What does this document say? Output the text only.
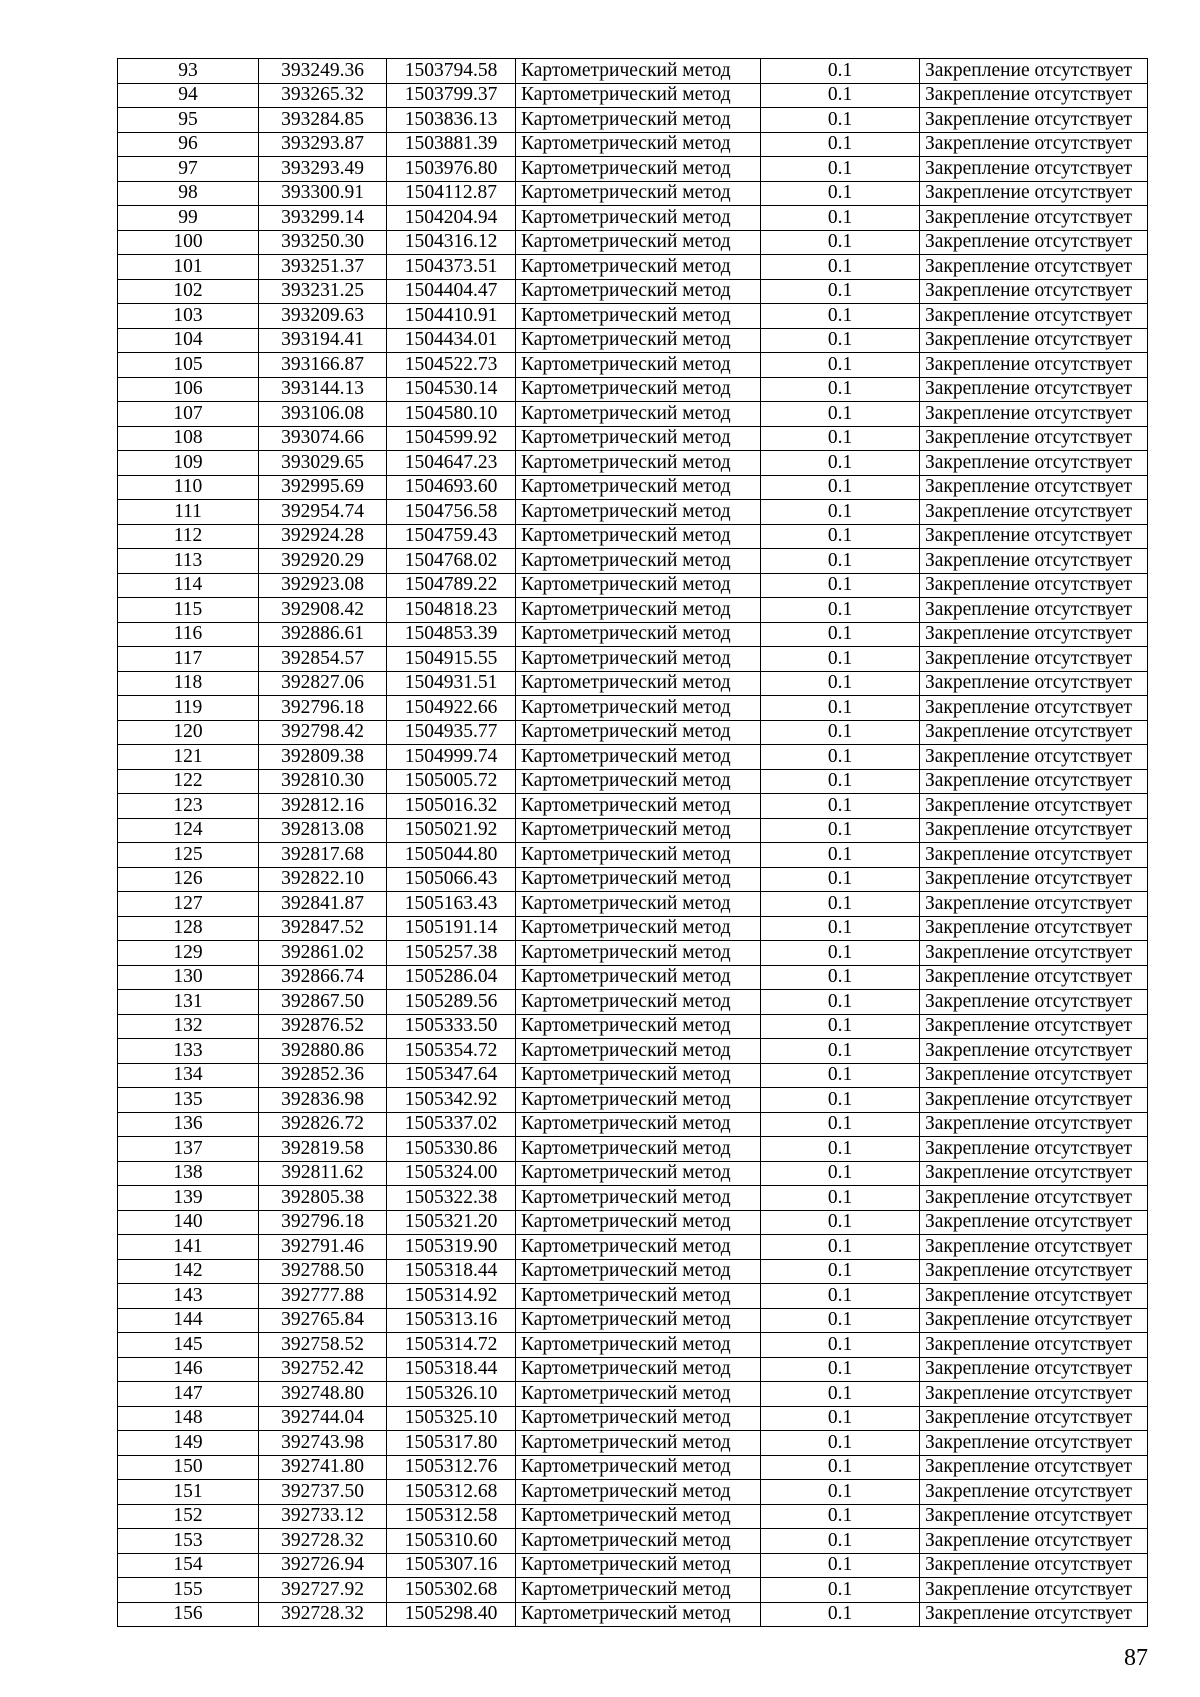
93	393249.36	1503794.58	Картометрический метод	0.1	Закрепление отсутствует
94	393265.32	1503799.37	Картометрический метод	0.1	Закрепление отсутствует
95	393284.85	1503836.13	Картометрический метод	0.1	Закрепление отсутствует
96	393293.87	1503881.39	Картометрический метод	0.1	Закрепление отсутствует
97	393293.49	1503976.80	Картометрический метод	0.1	Закрепление отсутствует
98	393300.91	1504112.87	Картометрический метод	0.1	Закрепление отсутствует
99	393299.14	1504204.94	Картометрический метод	0.1	Закрепление отсутствует
100	393250.30	1504316.12	Картометрический метод	0.1	Закрепление отсутствует
101	393251.37	1504373.51	Картометрический метод	0.1	Закрепление отсутствует
102	393231.25	1504404.47	Картометрический метод	0.1	Закрепление отсутствует
103	393209.63	1504410.91	Картометрический метод	0.1	Закрепление отсутствует
104	393194.41	1504434.01	Картометрический метод	0.1	Закрепление отсутствует
105	393166.87	1504522.73	Картометрический метод	0.1	Закрепление отсутствует
106	393144.13	1504530.14	Картометрический метод	0.1	Закрепление отсутствует
107	393106.08	1504580.10	Картометрический метод	0.1	Закрепление отсутствует
108	393074.66	1504599.92	Картометрический метод	0.1	Закрепление отсутствует
109	393029.65	1504647.23	Картометрический метод	0.1	Закрепление отсутствует
110	392995.69	1504693.60	Картометрический метод	0.1	Закрепление отсутствует
111	392954.74	1504756.58	Картометрический метод	0.1	Закрепление отсутствует
112	392924.28	1504759.43	Картометрический метод	0.1	Закрепление отсутствует
113	392920.29	1504768.02	Картометрический метод	0.1	Закрепление отсутствует
114	392923.08	1504789.22	Картометрический метод	0.1	Закрепление отсутствует
115	392908.42	1504818.23	Картометрический метод	0.1	Закрепление отсутствует
116	392886.61	1504853.39	Картометрический метод	0.1	Закрепление отсутствует
117	392854.57	1504915.55	Картометрический метод	0.1	Закрепление отсутствует
118	392827.06	1504931.51	Картометрический метод	0.1	Закрепление отсутствует
119	392796.18	1504922.66	Картометрический метод	0.1	Закрепление отсутствует
120	392798.42	1504935.77	Картометрический метод	0.1	Закрепление отсутствует
121	392809.38	1504999.74	Картометрический метод	0.1	Закрепление отсутствует
122	392810.30	1505005.72	Картометрический метод	0.1	Закрепление отсутствует
123	392812.16	1505016.32	Картометрический метод	0.1	Закрепление отсутствует
124	392813.08	1505021.92	Картометрический метод	0.1	Закрепление отсутствует
125	392817.68	1505044.80	Картометрический метод	0.1	Закрепление отсутствует
126	392822.10	1505066.43	Картометрический метод	0.1	Закрепление отсутствует
127	392841.87	1505163.43	Картометрический метод	0.1	Закрепление отсутствует
128	392847.52	1505191.14	Картометрический метод	0.1	Закрепление отсутствует
129	392861.02	1505257.38	Картометрический метод	0.1	Закрепление отсутствует
130	392866.74	1505286.04	Картометрический метод	0.1	Закрепление отсутствует
131	392867.50	1505289.56	Картометрический метод	0.1	Закрепление отсутствует
132	392876.52	1505333.50	Картометрический метод	0.1	Закрепление отсутствует
133	392880.86	1505354.72	Картометрический метод	0.1	Закрепление отсутствует
134	392852.36	1505347.64	Картометрический метод	0.1	Закрепление отсутствует
135	392836.98	1505342.92	Картометрический метод	0.1	Закрепление отсутствует
136	392826.72	1505337.02	Картометрический метод	0.1	Закрепление отсутствует
137	392819.58	1505330.86	Картометрический метод	0.1	Закрепление отсутствует
138	392811.62	1505324.00	Картометрический метод	0.1	Закрепление отсутствует
139	392805.38	1505322.38	Картометрический метод	0.1	Закрепление отсутствует
140	392796.18	1505321.20	Картометрический метод	0.1	Закрепление отсутствует
141	392791.46	1505319.90	Картометрический метод	0.1	Закрепление отсутствует
142	392788.50	1505318.44	Картометрический метод	0.1	Закрепление отсутствует
143	392777.88	1505314.92	Картометрический метод	0.1	Закрепление отсутствует
144	392765.84	1505313.16	Картометрический метод	0.1	Закрепление отсутствует
145	392758.52	1505314.72	Картометрический метод	0.1	Закрепление отсутствует
146	392752.42	1505318.44	Картометрический метод	0.1	Закрепление отсутствует
147	392748.80	1505326.10	Картометрический метод	0.1	Закрепление отсутствует
148	392744.04	1505325.10	Картометрический метод	0.1	Закрепление отсутствует
149	392743.98	1505317.80	Картометрический метод	0.1	Закрепление отсутствует
150	392741.80	1505312.76	Картометрический метод	0.1	Закрепление отсутствует
151	392737.50	1505312.68	Картометрический метод	0.1	Закрепление отсутствует
152	392733.12	1505312.58	Картометрический метод	0.1	Закрепление отсутствует
153	392728.32	1505310.60	Картометрический метод	0.1	Закрепление отсутствует
154	392726.94	1505307.16	Картометрический метод	0.1	Закрепление отсутствует
155	392727.92	1505302.68	Картометрический метод	0.1	Закрепление отсутствует
156	392728.32	1505298.40	Картометрический метод	0.1	Закрепление отсутствует
87
